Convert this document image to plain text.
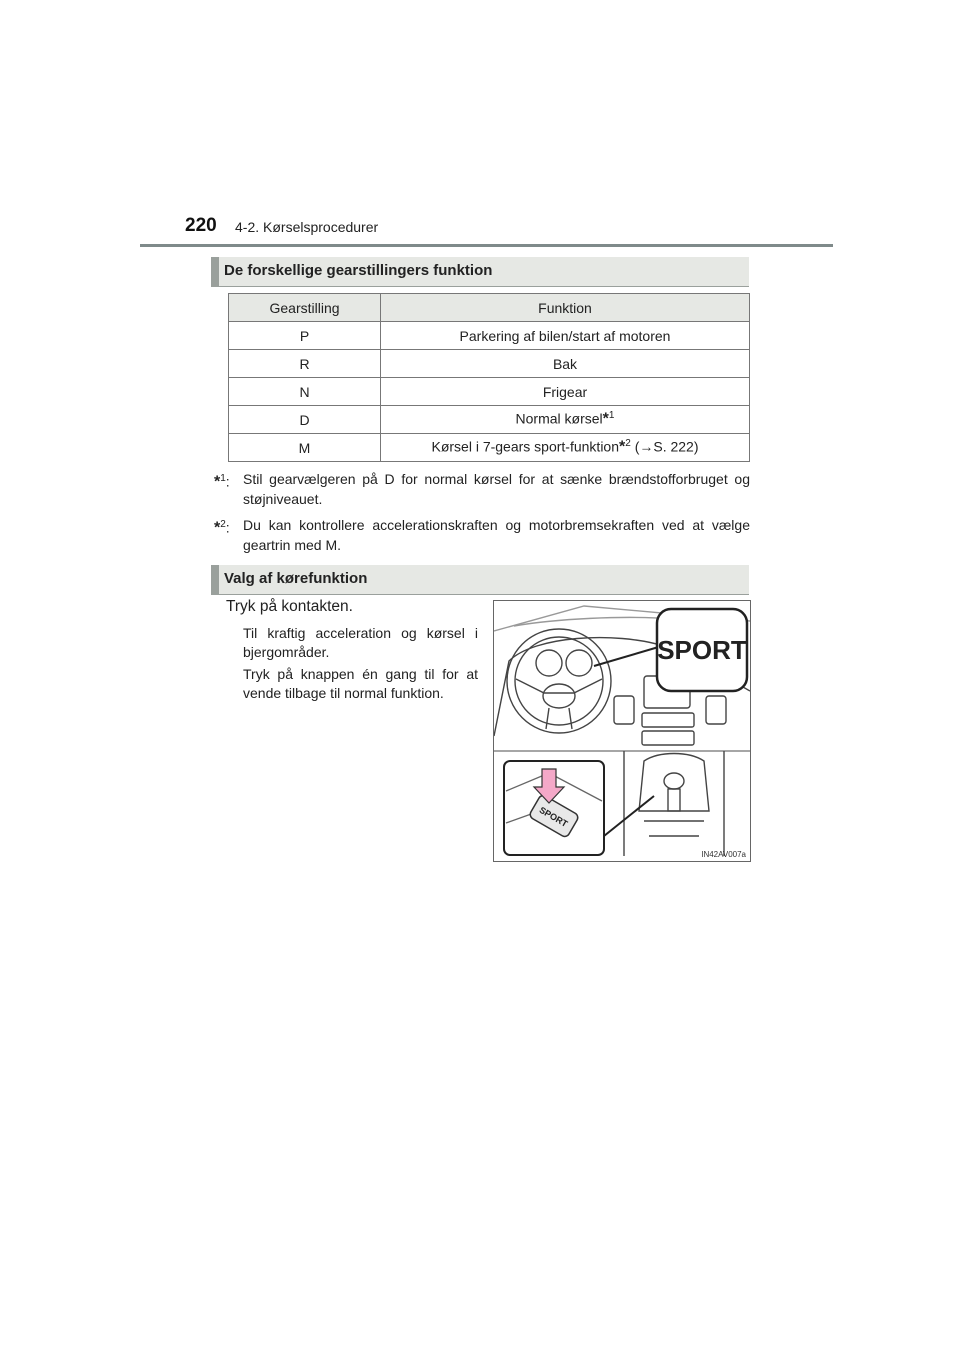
220 4-2. Kørselsprocedurer
De forskellige gearstillingers funktion
Gearstilling	Funktion
P	Parkering af bilen/start af motoren
R	Bak
N	Frigear
D	Normal kørsel*$^1$
M	Kørsel i 7-gears sport-funktion*$^2$ (→S. 222)
*$^1$: Stil gearvælgeren på D for normal kørsel for at sænke brændstofforbruget og støjniveauet.
*$^2$: Du kan kontrollere accelerationskraften og motorbremsekraften ved at vælge geartrin med M.
Valg af kørefunktion
Tryk på kontakten.
Til kraftig acceleration og kørsel i bjergområder.
Tryk på knappen én gang til for at vende tilbage til normal funktion.
SPORT
SPORT
IN42AV007a
